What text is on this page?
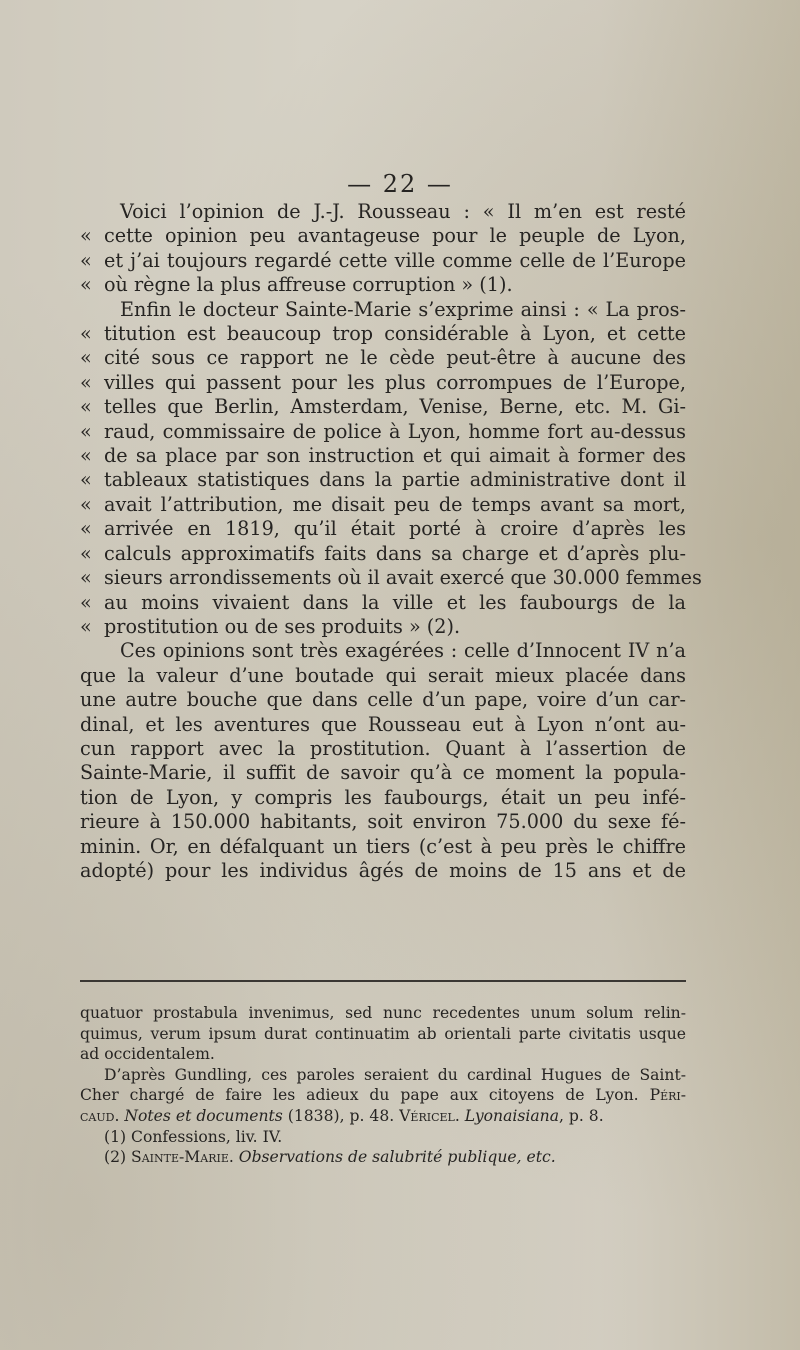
— 22 —
Voici l’opinion de J.-J. Rousseau : « Il m’en est resté
« cette opinion peu avantageuse pour le peuple de Lyon,
« et j’ai toujours regardé cette ville comme celle de l’Europe
« où règne la plus affreuse corruption » (1).
Enfin le docteur Sainte-Marie s’exprime ainsi : « La pros-
« titution est beaucoup trop considérable à Lyon, et cette
« cité sous ce rapport ne le cède peut-être à aucune des
« villes qui passent pour les plus corrompues de l’Europe,
« telles que Berlin, Amsterdam, Venise, Berne, etc. M. Gi-
« raud, commissaire de police à Lyon, homme fort au-dessus
« de sa place par son instruction et qui aimait à former des
« tableaux statistiques dans la partie administrative dont il
« avait l’attribution, me disait peu de temps avant sa mort,
« arrivée en 1819, qu’il était porté à croire d’après les
« calculs approximatifs faits dans sa charge et d’après plu-
« sieurs arrondissements où il avait exercé que 30.000 femmes
« au moins vivaient dans la ville et les faubourgs de la
« prostitution ou de ses produits » (2).
Ces opinions sont très exagérées : celle d’Innocent IV n’a
que la valeur d’une boutade qui serait mieux placée dans
une autre bouche que dans celle d’un pape, voire d’un car-
dinal, et les aventures que Rousseau eut à Lyon n’ont au-
cun rapport avec la prostitution. Quant à l’assertion de
Sainte-Marie, il suffit de savoir qu’à ce moment la popula-
tion de Lyon, y compris les faubourgs, était un peu infé-
rieure à 150.000 habitants, soit environ 75.000 du sexe fé-
minin. Or, en défalquant un tiers (c’est à peu près le chiffre
adopté) pour les individus âgés de moins de 15 ans et de
quatuor prostabula invenimus, sed nunc recedentes unum solum relin-
quimus, verum ipsum durat continuatim ab orientali parte civitatis usque
ad occidentalem.
D’après Gundling, ces paroles seraient du cardinal Hugues de Saint-
Cher chargé de faire les adieux du pape aux citoyens de Lyon. Péri-
caud. Notes et documents (1838), p. 48. Véricel. Lyonaisiana, p. 8.
(1) Confessions, liv. IV.
(2) Sainte-Marie. Observations de salubrité publique, etc.
